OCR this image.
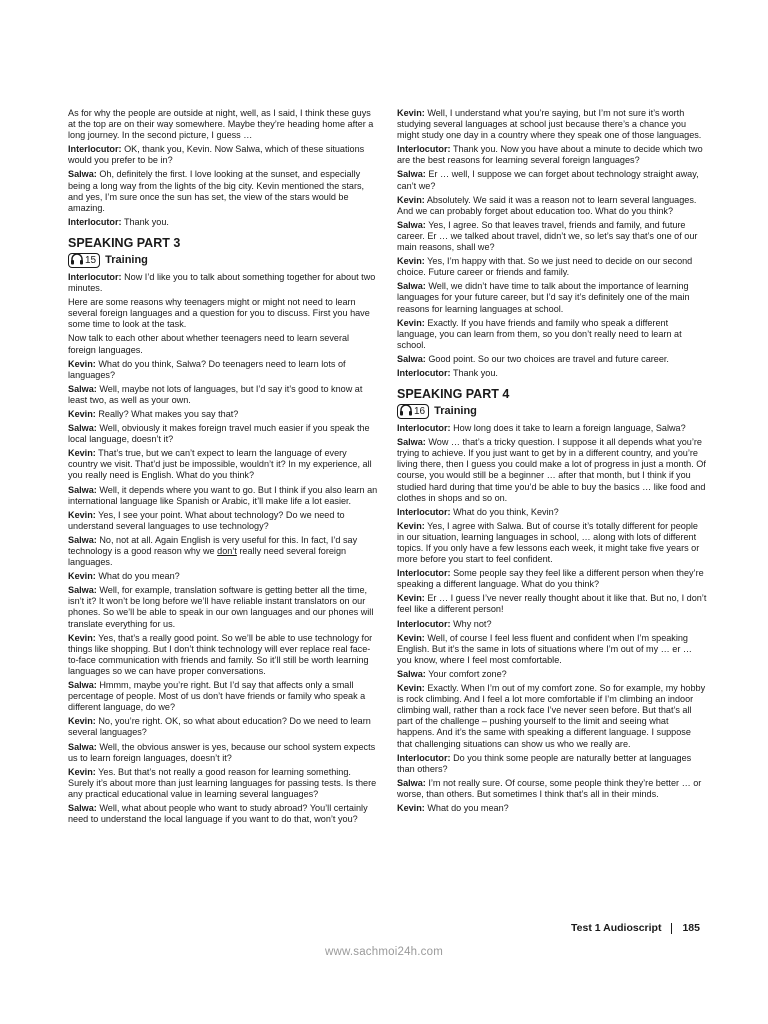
As for why the people are outside at night, well, as I said, I think these guys at the top are on their way somewhere. Maybe they’re heading home after a long journey. In the second picture, I guess …

Interlocutor: OK, thank you, Kevin. Now Salwa, which of these situations would you prefer to be in?

Salwa: Oh, definitely the first. I love looking at the sunset, and especially being a long way from the lights of the big city. Kevin mentioned the stars, and yes, I’m sure once the sun has set, the view of the stars would be amazing.

Interlocutor: Thank you.

SPEAKING PART 3
15 Training

Interlocutor: Now I’d like you to talk about something together for about two minutes.

Here are some reasons why teenagers might or might not need to learn several foreign languages and a question for you to discuss. First you have some time to look at the task.

Now talk to each other about whether teenagers need to learn several foreign languages.

Kevin: What do you think, Salwa? Do teenagers need to learn lots of languages?

Salwa: Well, maybe not lots of languages, but I’d say it’s good to know at least two, as well as your own.

Kevin: Really? What makes you say that?

Salwa: Well, obviously it makes foreign travel much easier if you speak the local language, doesn’t it?

Kevin: That’s true, but we can’t expect to learn the language of every country we visit. That’d just be impossible, wouldn’t it? In my experience, all you really need is English. What do you think?

Salwa: Well, it depends where you want to go. But I think if you also learn an international language like Spanish or Arabic, it’ll make life a lot easier.

Kevin: Yes, I see your point. What about technology? Do we need to understand several languages to use technology?

Salwa: No, not at all. Again English is very useful for this. In fact, I’d say technology is a good reason why we don’t really need several foreign languages.

Kevin: What do you mean?

Salwa: Well, for example, translation software is getting better all the time, isn’t it? It won’t be long before we’ll have reliable instant translators on our phones. So we’ll be able to speak in our own languages and our phones will translate everything for us.

Kevin: Yes, that’s a really good point. So we’ll be able to use technology for things like shopping. But I don’t think technology will ever replace real face-to-face communication with friends and family. So it’ll still be worth learning languages so we can have proper conversations.

Salwa: Hmmm, maybe you’re right. But I’d say that affects only a small percentage of people. Most of us don’t have friends or family who speak a different language, do we?

Kevin: No, you’re right. OK, so what about education? Do we need to learn several languages?

Salwa: Well, the obvious answer is yes, because our school system expects us to learn foreign languages, doesn’t it?

Kevin: Yes. But that’s not really a good reason for learning something. Surely it’s about more than just learning languages for passing tests. Is there any practical educational value in learning several languages?

Salwa: Well, what about people who want to study abroad? You’ll certainly need to understand the local language if you want to do that, won’t you?

Kevin: Well, I understand what you’re saying, but I’m not sure it’s worth studying several languages at school just because there’s a chance you might study one day in a country where they speak one of those languages.

Interlocutor: Thank you. Now you have about a minute to decide which two are the best reasons for learning several foreign languages?

Salwa: Er … well, I suppose we can forget about technology straight away, can’t we?

Kevin: Absolutely. We said it was a reason not to learn several languages. And we can probably forget about education too. What do you think?

Salwa: Yes, I agree. So that leaves travel, friends and family, and future career. Er … we talked about travel, didn’t we, so let’s say that’s one of our main reasons, shall we?

Kevin: Yes, I’m happy with that. So we just need to decide on our second choice. Future career or friends and family.

Salwa: Well, we didn’t have time to talk about the importance of learning languages for your future career, but I’d say it’s definitely one of the main reasons for learning languages at school.

Kevin: Exactly. If you have friends and family who speak a different language, you can learn from them, so you don’t really need to learn at school.

Salwa: Good point. So our two choices are travel and future career.

Interlocutor: Thank you.

SPEAKING PART 4
16 Training

Interlocutor: How long does it take to learn a foreign language, Salwa?

Salwa: Wow … that’s a tricky question. I suppose it all depends what you’re trying to achieve. If you just want to get by in a different country, and you’re living there, then I guess you could make a lot of progress in just a month. Of course, you would still be a beginner … after that month, but I think if you studied hard during that time you’d be able to buy the basics … like food and clothes in shops and so on.

Interlocutor: What do you think, Kevin?

Kevin: Yes, I agree with Salwa. But of course it’s totally different for people in our situation, learning languages in school, … along with lots of different topics. If you only have a few lessons each week, it might take five years or more before you start to feel confident.

Interlocutor: Some people say they feel like a different person when they’re speaking a different language. What do you think?

Kevin: Er … I guess I’ve never really thought about it like that. But no, I don’t feel like a different person!

Interlocutor: Why not?

Kevin: Well, of course I feel less fluent and confident when I’m speaking English. But it’s the same in lots of situations where I’m out of my … er … you know, where I feel most comfortable.

Salwa: Your comfort zone?

Kevin: Exactly. When I’m out of my comfort zone. So for example, my hobby is rock climbing. And I feel a lot more comfortable if I’m climbing an indoor climbing wall, rather than a rock face I’ve never seen before. But that’s all part of the challenge – pushing yourself to the limit and seeing what happens. And it’s the same with speaking a different language. I suppose that challenging situations can show us who we really are.

Interlocutor: Do you think some people are naturally better at languages than others?

Salwa: I’m not really sure. Of course, some people think they’re better … or worse, than others. But sometimes I think that’s all in their minds.

Kevin: What do you mean?

Test 1 Audioscript 185
www.sachmoi24h.com
